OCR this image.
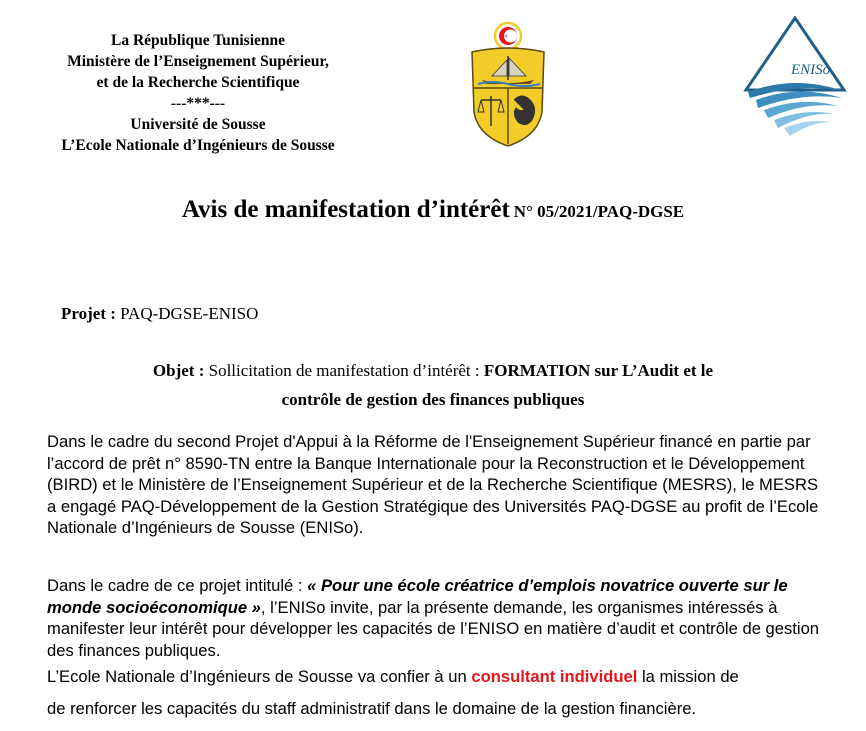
La République Tunisienne
Ministère de l’Enseignement Supérieur,
et de la Recherche Scientifique
---***---
Université de Sousse
L’Ecole Nationale d’Ingénieurs de Sousse
ENISo
Avis de manifestation d’intérêt N° 05/2021/PAQ-DGSE
Projet : PAQ-DGSE-ENISO
Objet : Sollicitation de manifestation d’intérêt : FORMATION sur L’Audit et le
contrôle de gestion des finances publiques
Dans le cadre du second Projet d'Appui à la Réforme de l'Enseignement Supérieur financé en partie par l’accord de prêt n° 8590-TN entre la Banque Internationale pour la Reconstruction et le Développement (BIRD) et le Ministère de l’Enseignement Supérieur et de la Recherche Scientifique (MESRS), le MESRS a engagé PAQ-Développement de la Gestion Stratégique des Universités PAQ-DGSE au profit de l’Ecole Nationale d’Ingénieurs de Sousse (ENISo).
Dans le cadre de ce projet intitulé : « Pour une école créatrice d’emplois novatrice ouverte sur le monde socioéconomique », l’ENISo invite, par la présente demande, les organismes intéressés à manifester leur intérêt pour développer les capacités de l’ENISO en matière d’audit et contrôle de gestion des finances publiques.
L’Ecole Nationale d’Ingénieurs de Sousse va confier à un consultant individuel la mission de
de renforcer les capacités du staff administratif dans le domaine de la gestion financière.
